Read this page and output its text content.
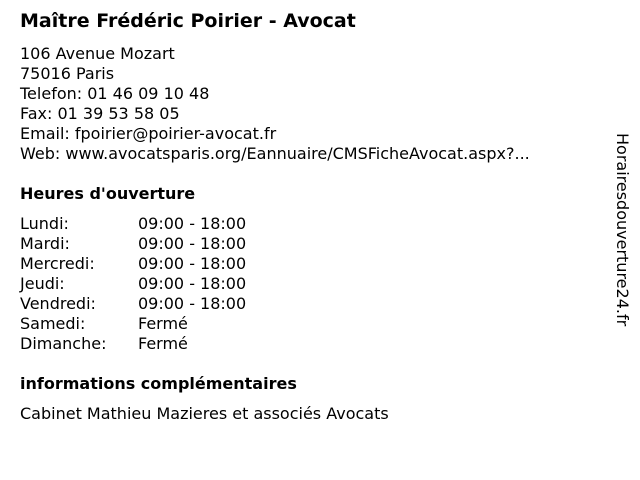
Maître Frédéric Poirier - Avocat
106 Avenue Mozart
75016 Paris
Telefon: 01 46 09 10 48
Fax: 01 39 53 58 05
Email: fpoirier@poirier-avocat.fr
Web: www.avocatsparis.org/Eannuaire/CMSFicheAvocat.aspx?...
Heures d'ouverture
Lundi:	09:00 - 18:00
Mardi:	09:00 - 18:00
Mercredi:	09:00 - 18:00
Jeudi:	09:00 - 18:00
Vendredi:	09:00 - 18:00
Samedi:	Fermé
Dimanche: Fermé
informations complémentaires
Cabinet Mathieu Mazieres et associés Avocats
Horairesdouverture24.fr
